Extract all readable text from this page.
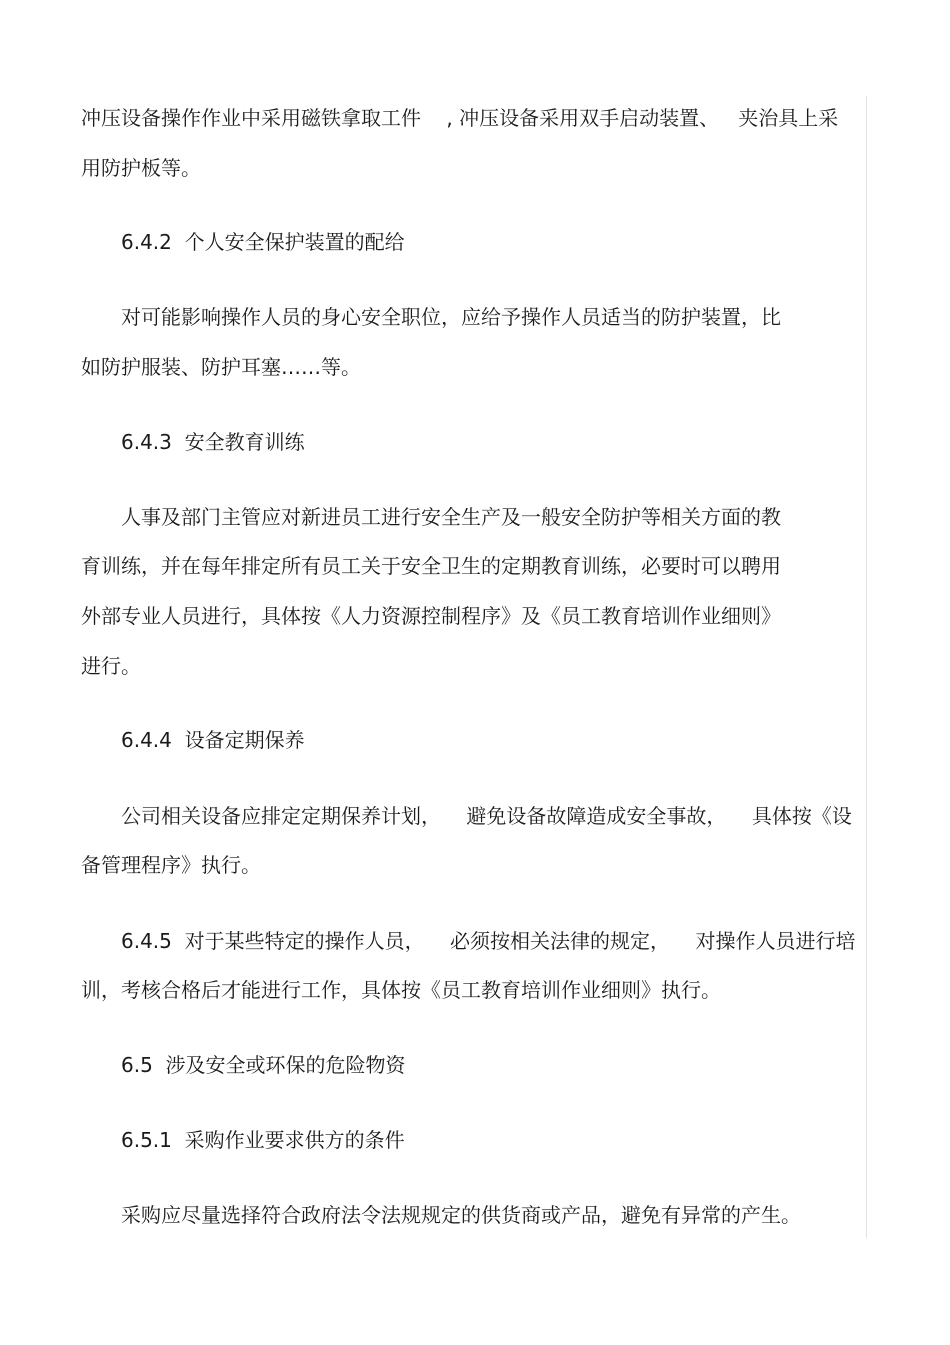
冲压设备操作作业中采用磁铁拿取工件    , 冲压设备采用双手启动装置、   夹治具上采
用防护板等。
6.4.2  个人安全保护装置的配给
对可能影响操作人员的身心安全职位，应给予操作人员适当的防护装置，比
如防护服装、防护耳塞……等。
6.4.3  安全教育训练
人事及部门主管应对新进员工进行安全生产及一般安全防护等相关方面的教
育训练，并在每年排定所有员工关于安全卫生的定期教育训练，必要时可以聘用
外部专业人员进行，具体按《人力资源控制程序》及《员工教育培训作业细则》
进行。
6.4.4  设备定期保养
公司相关设备应排定定期保养计划，    避免设备故障造成安全事故，    具体按《设
备管理程序》执行。
6.4.5  对于某些特定的操作人员，    必须按相关法律的规定，    对操作人员进行培
训，考核合格后才能进行工作，具体按《员工教育培训作业细则》执行。
6.5  涉及安全或环保的危险物资
6.5.1  采购作业要求供方的条件
采购应尽量选择符合政府法令法规规定的供货商或产品，避免有异常的产生。
